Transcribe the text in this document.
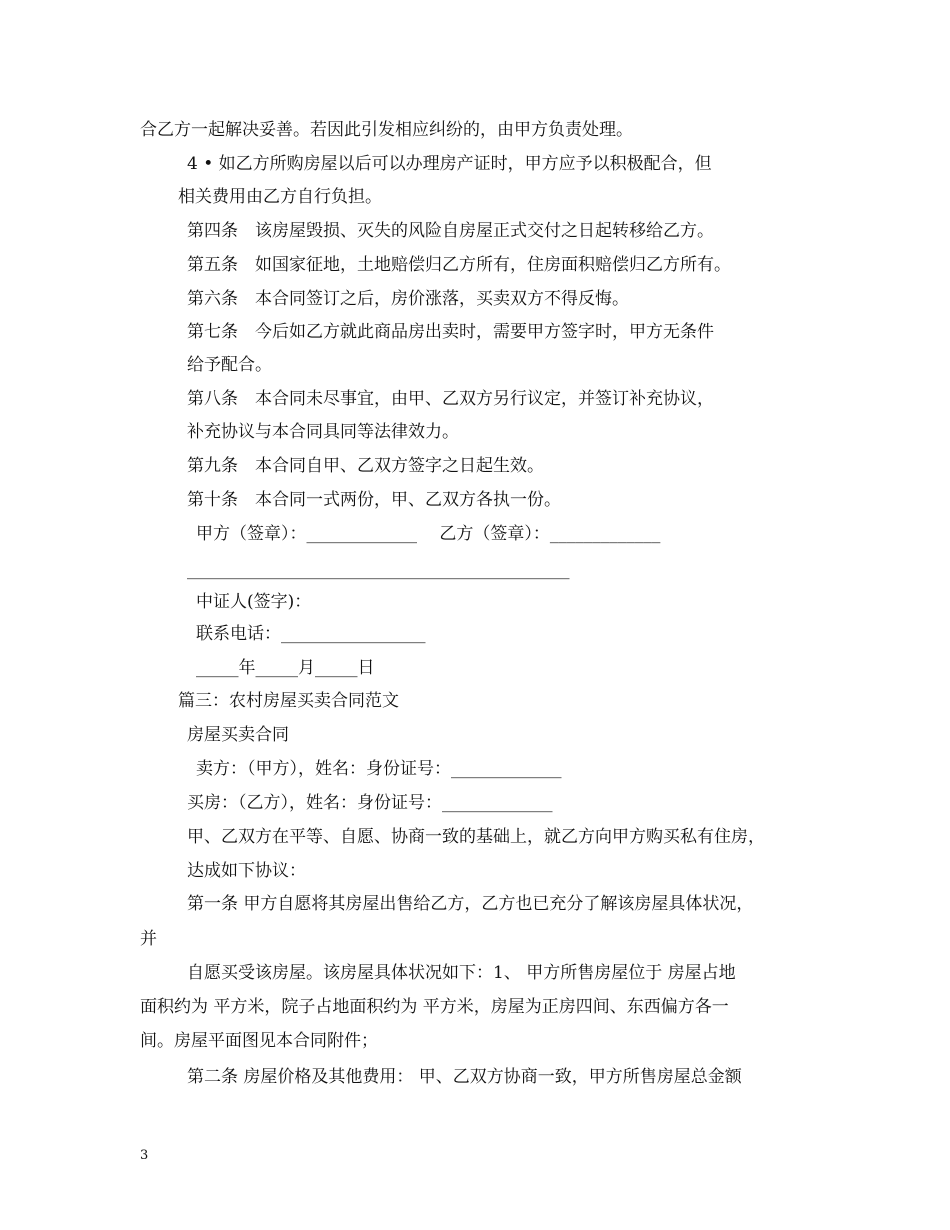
合乙方一起解决妥善。若因此引发相应纠纷的，由甲方负责处理。
4 • 如乙方所购房屋以后可以办理房产证时，甲方应予以积极配合，但
相关费用由乙方自行负担。
第四条　该房屋毁损、灭失的风险自房屋正式交付之日起转移给乙方。
第五条　如国家征地，土地赔偿归乙方所有，住房面积赔偿归乙方所有。
第六条　本合同签订之后，房价涨落，买卖双方不得反悔。
第七条　今后如乙方就此商品房出卖时，需要甲方签字时，甲方无条件
给予配合。
第八条　本合同未尽事宜，由甲、乙双方另行议定，并签订补充协议，
补充协议与本合同具同等法律效力。
第九条　本合同自甲、乙双方签字之日起生效。
第十条　本合同一式两份，甲、乙双方各执一份。
甲方（签章）：_____________　 乙方（签章）：_____________
_____________________________________________
中证人(签字)：
联系电话：_________________
_____年_____月_____日
篇三：农村房屋买卖合同范文
房屋买卖合同
卖方：（甲方），姓名：身份证号：_____________
买房：（乙方），姓名：身份证号：_____________
甲、乙双方在平等、自愿、协商一致的基础上，就乙方向甲方购买私有住房，
达成如下协议：
第一条 甲方自愿将其房屋出售给乙方，乙方也已充分了解该房屋具体状况，
并
自愿买受该房屋。该房屋具体状况如下：1、 甲方所售房屋位于 房屋占地
面积约为 平方米，院子占地面积约为 平方米，房屋为正房四间、东西偏方各一
间。房屋平面图见本合同附件；
第二条 房屋价格及其他费用： 甲、乙双方协商一致，甲方所售房屋总金额
3
